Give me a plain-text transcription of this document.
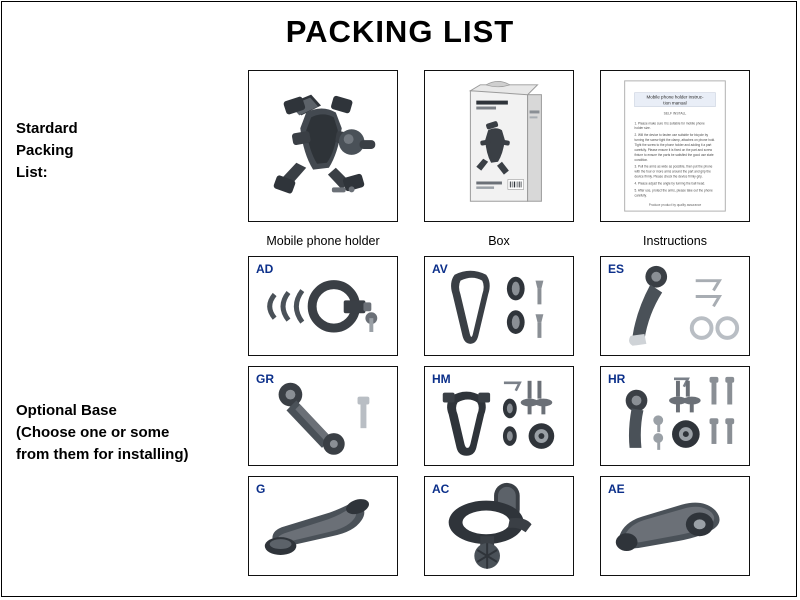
PACKING LIST
Stardard
Packing
List:
Optional Base
(Choose one or some
from them for installing)
Mobile phone holder instruc-
tion manual
SELF INSTALL
1. Please make sure it is suitable for mobile phone
holder size.
2. Will the device to fasten use suitable for bicycle by
turning the screw tight the clamp, attaches on phone hold.
Tight the screw to the phone holder and adding it a part
carefully. Please ensure it is fixed on the part and screw
fixture to ensure the parts be satisfied the good use state
condition.
3. Pull the arms as wide as possible, then put the phone
with the four or more arms around the part and grip the
device firmly. Please check the device firmly grip.
4. Please adjust the angle by turning the ball head.
5. After use, protect the arms, please take out the phone
carefully.
Produce product by quality assurance
Mobile phone holder	Box	Instructions
AD	AV	ES
GR	HM	HR
G	AC	AE
